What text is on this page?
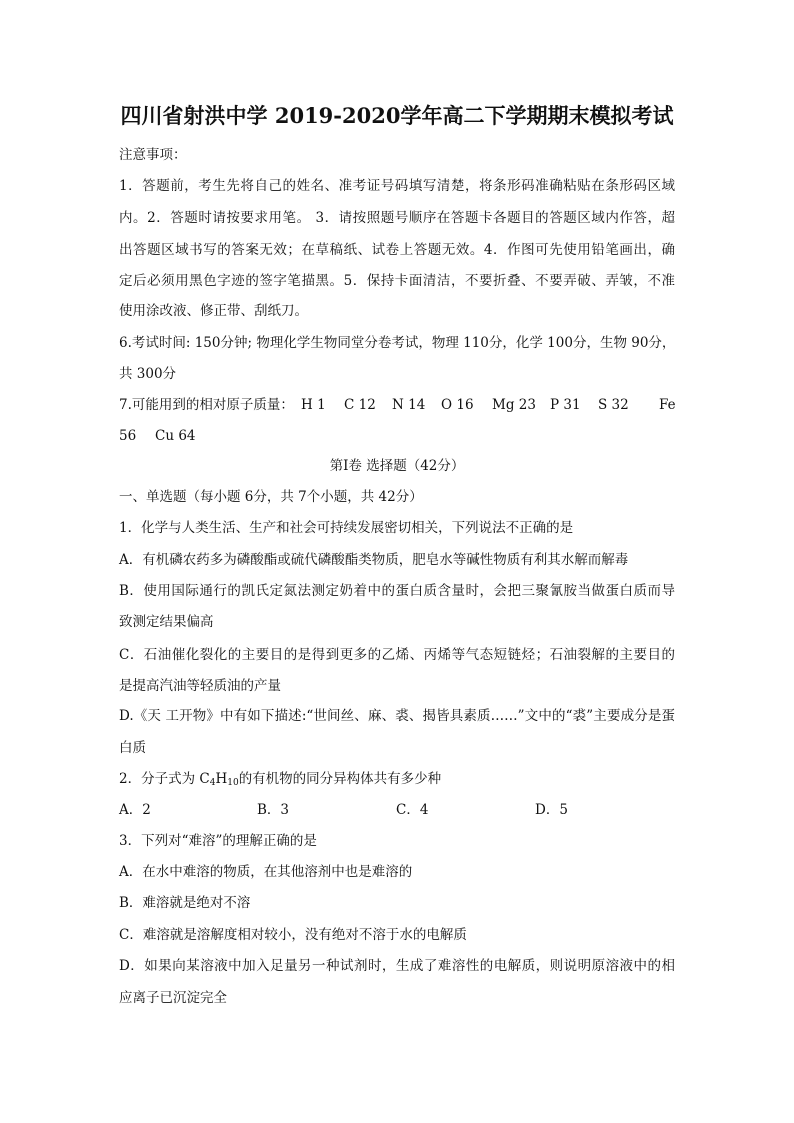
四川省射洪中学 2019-2020学年高二下学期期末模拟考试
注意事项：
1．答题前，考生先将自己的姓名、准考证号码填写清楚，将条形码准确粘贴在条形码区域
内。2．答题时请按要求用笔。 3．请按照题号顺序在答题卡各题目的答题区域内作答，超
出答题区域书写的答案无效；在草稿纸、试卷上答题无效。4．作图可先使用铅笔画出，确
定后必须用黑色字迹的签字笔描黑。5．保持卡面清洁，不要折叠、不要弄破、弄皱，不准
使用涂改液、修正带、刮纸刀。
6.考试时间: 150分钟; 物理化学生物同堂分卷考试，物理 110分，化学 100分，生物 90分，
共 300分
7.可能用到的相对原子质量： H 1 C 12 N 14 O 16 Mg 23 P 31 S 32 Fe
56 Cu 64
第Ⅰ卷 选择题（42分）
一、单选题（每小题 6分，共 7个小题，共 42分）
1．化学与人类生活、生产和社会可持续发展密切相关，下列说法不正确的是
A．有机磷农药多为磷酸酯或硫代磷酸酯类物质，肥皂水等碱性物质有利其水解而解毒
B．使用国际通行的凯氏定氮法测定奶着中的蛋白质含量时，会把三聚氰胺当做蛋白质而导
致测定结果偏高
C．石油催化裂化的主要目的是得到更多的乙烯、丙烯等气态短链烃；石油裂解的主要目的
是提高汽油等轻质油的产量
D.《天 工开物》中有如下描述:“世间丝、麻、裘、揭皆具素质……”文中的“裘”主要成分是蛋
白质
2．分子式为 $C_4H_{10}$的有机物的同分异构体共有多少种
A．2	B．3	C．4	D．5
3．下列对“难溶”的理解正确的是
A．在水中难溶的物质，在其他溶剂中也是难溶的
B．难溶就是绝对不溶
C．难溶就是溶解度相对较小，没有绝对不溶于水的电解质
D．如果向某溶液中加入足量另一种试剂时，生成了难溶性的电解质，则说明原溶液中的相
应离子已沉淀完全
